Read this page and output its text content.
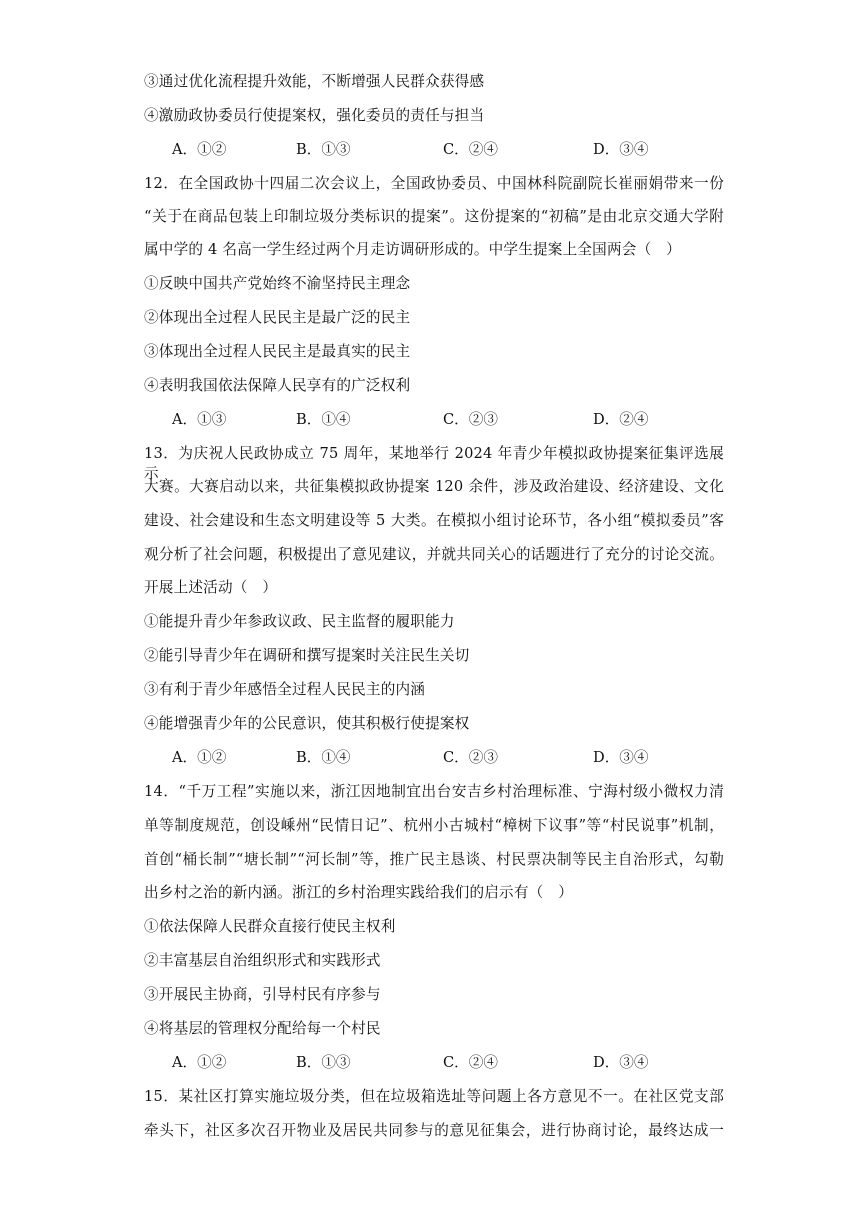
③通过优化流程提升效能，不断增强人民群众获得感
④激励政协委员行使提案权，强化委员的责任与担当
A．①②	B．①③	C．②④	D．③④
12．在全国政协十四届二次会议上，全国政协委员、中国林科院副院长崔丽娟带来一份
“关于在商品包装上印制垃圾分类标识的提案”。这份提案的“初稿”是由北京交通大学附
属中学的 4 名高一学生经过两个月走访调研形成的。中学生提案上全国两会（　）
①反映中国共产党始终不渝坚持民主理念
②体现出全过程人民民主是最广泛的民主
③体现出全过程人民民主是最真实的民主
④表明我国依法保障人民享有的广泛权利
A．①③	B．①④	C．②③	D．②④
13．为庆祝人民政协成立 75 周年，某地举行 2024 年青少年模拟政协提案征集评选展示
大赛。大赛启动以来，共征集模拟政协提案 120 余件，涉及政治建设、经济建设、文化
建设、社会建设和生态文明建设等 5 大类。在模拟小组讨论环节，各小组“模拟委员”客
观分析了社会问题，积极提出了意见建议，并就共同关心的话题进行了充分的讨论交流。
开展上述活动（　）
①能提升青少年参政议政、民主监督的履职能力
②能引导青少年在调研和撰写提案时关注民生关切
③有利于青少年感悟全过程人民民主的内涵
④能增强青少年的公民意识，使其积极行使提案权
A．①②	B．①④	C．②③	D．③④
14．“千万工程”实施以来，浙江因地制宜出台安吉乡村治理标准、宁海村级小微权力清
单等制度规范，创设嵊州“民情日记”、杭州小古城村“樟树下议事”等“村民说事”机制，
首创“桶长制”“塘长制”“河长制”等，推广民主恳谈、村民票决制等民主自治形式，勾勒
出乡村之治的新内涵。浙江的乡村治理实践给我们的启示有（　）
①依法保障人民群众直接行使民主权利
②丰富基层自治组织形式和实践形式
③开展民主协商，引导村民有序参与
④将基层的管理权分配给每一个村民
A．①②	B．①③	C．②④	D．③④
15．某社区打算实施垃圾分类，但在垃圾箱选址等问题上各方意见不一。在社区党支部
牵头下，社区多次召开物业及居民共同参与的意见征集会，进行协商讨论，最终达成一
